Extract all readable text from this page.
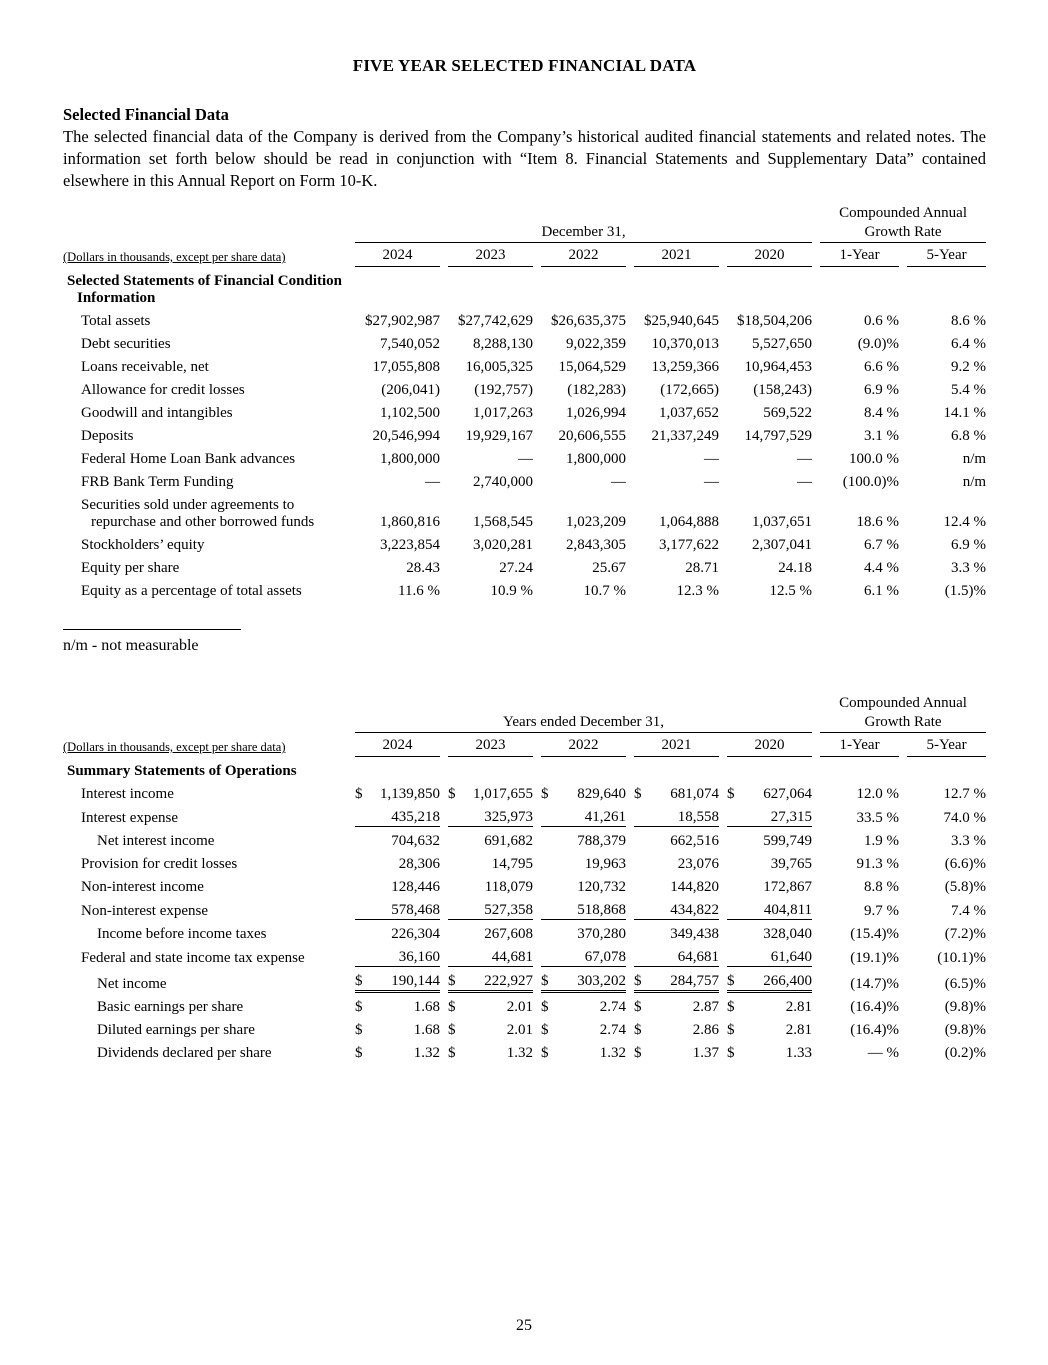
FIVE YEAR SELECTED FINANCIAL DATA

Selected Financial Data

The selected financial data of the Company is derived from the Company’s historical audited financial statements and related notes. The information set forth below should be read in conjunction with “Item 8. Financial Statements and Supplementary Data” contained elsewhere in this Annual Report on Form 10-K.

	December 31,					Compounded Annual
Growth Rate	

(Dollars in thousands, except per share data)	2024	2023	2022	2021	2020	1-Year	5-Year

Selected Statements of Financial Condition Information							
Total assets	$27,902,987	$27,742,629	$26,635,375	$25,940,645	$18,504,206	0.6 %	8.6 %

Debt securities	7,540,052	8,288,130	9,022,359	10,370,013	5,527,650	(9.0)%	6.4 %

Loans receivable, net	17,055,808	16,005,325	15,064,529	13,259,366	10,964,453	6.6 %	9.2 %

Allowance for credit losses	(206,041)	(192,757)	(182,283)	(172,665)	(158,243)	6.9 %	5.4 %

Goodwill and intangibles	1,102,500	1,017,263	1,026,994	1,037,652	569,522	8.4 %	14.1 %

Deposits	20,546,994	19,929,167	20,606,555	21,337,249	14,797,529	3.1 %	6.8 %

Federal Home Loan Bank advances	1,800,000	—	1,800,000	—	—	100.0 %	n/m

FRB Bank Term Funding	—	2,740,000	—	—	—	(100.0)%	n/m

Securities sold under agreements to repurchase and other borrowed funds	1,860,816	1,568,545	1,023,209	1,064,888	1,037,651	18.6 %	12.4 %

Stockholders’ equity	3,223,854	3,020,281	2,843,305	3,177,622	2,307,041	6.7 %	6.9 %

Equity per share	28.43	27.24	25.67	28.71	24.18	4.4 %	3.3 %

Equity as a percentage of total assets	11.6 %	10.9 %	10.7 %	12.3 %	12.5 %	6.1 %	(1.5)%

n/m - not measurable

	Years ended December 31,					Compounded Annual
Growth Rate	

(Dollars in thousands, except per share data)	2024	2023	2022	2021	2020	1-Year	5-Year

Summary Statements of Operations							
Interest income	$ 1,139,850	$ 1,017,655	$ 829,640	$ 681,074	$ 627,064	12.0 %	12.7 %

Interest expense	435,218	325,973	41,261	18,558	27,315	33.5 %	74.0 %

Net interest income	704,632	691,682	788,379	662,516	599,749	1.9 %	3.3 %

Provision for credit losses	28,306	14,795	19,963	23,076	39,765	91.3 %	(6.6)%

Non-interest income	128,446	118,079	120,732	144,820	172,867	8.8 %	(5.8)%

Non-interest expense	578,468	527,358	518,868	434,822	404,811	9.7 %	7.4 %

Income before income taxes	226,304	267,608	370,280	349,438	328,040	(15.4)%	(7.2)%

Federal and state income tax expense	36,160	44,681	67,078	64,681	61,640	(19.1)%	(10.1)%

Net income	$ 190,144	$ 222,927	$ 303,202	$ 284,757	$ 266,400	(14.7)%	(6.5)%

Basic earnings per share	$ 1.68	$ 2.01	$ 2.74	$ 2.87	$ 2.81	(16.4)%	(9.8)%

Diluted earnings per share	$ 1.68	$ 2.01	$ 2.74	$ 2.86	$ 2.81	(16.4)%	(9.8)%

Dividends declared per share	$ 1.32	$ 1.32	$ 1.32	$ 1.37	$ 1.33	— %	(0.2)%
25
